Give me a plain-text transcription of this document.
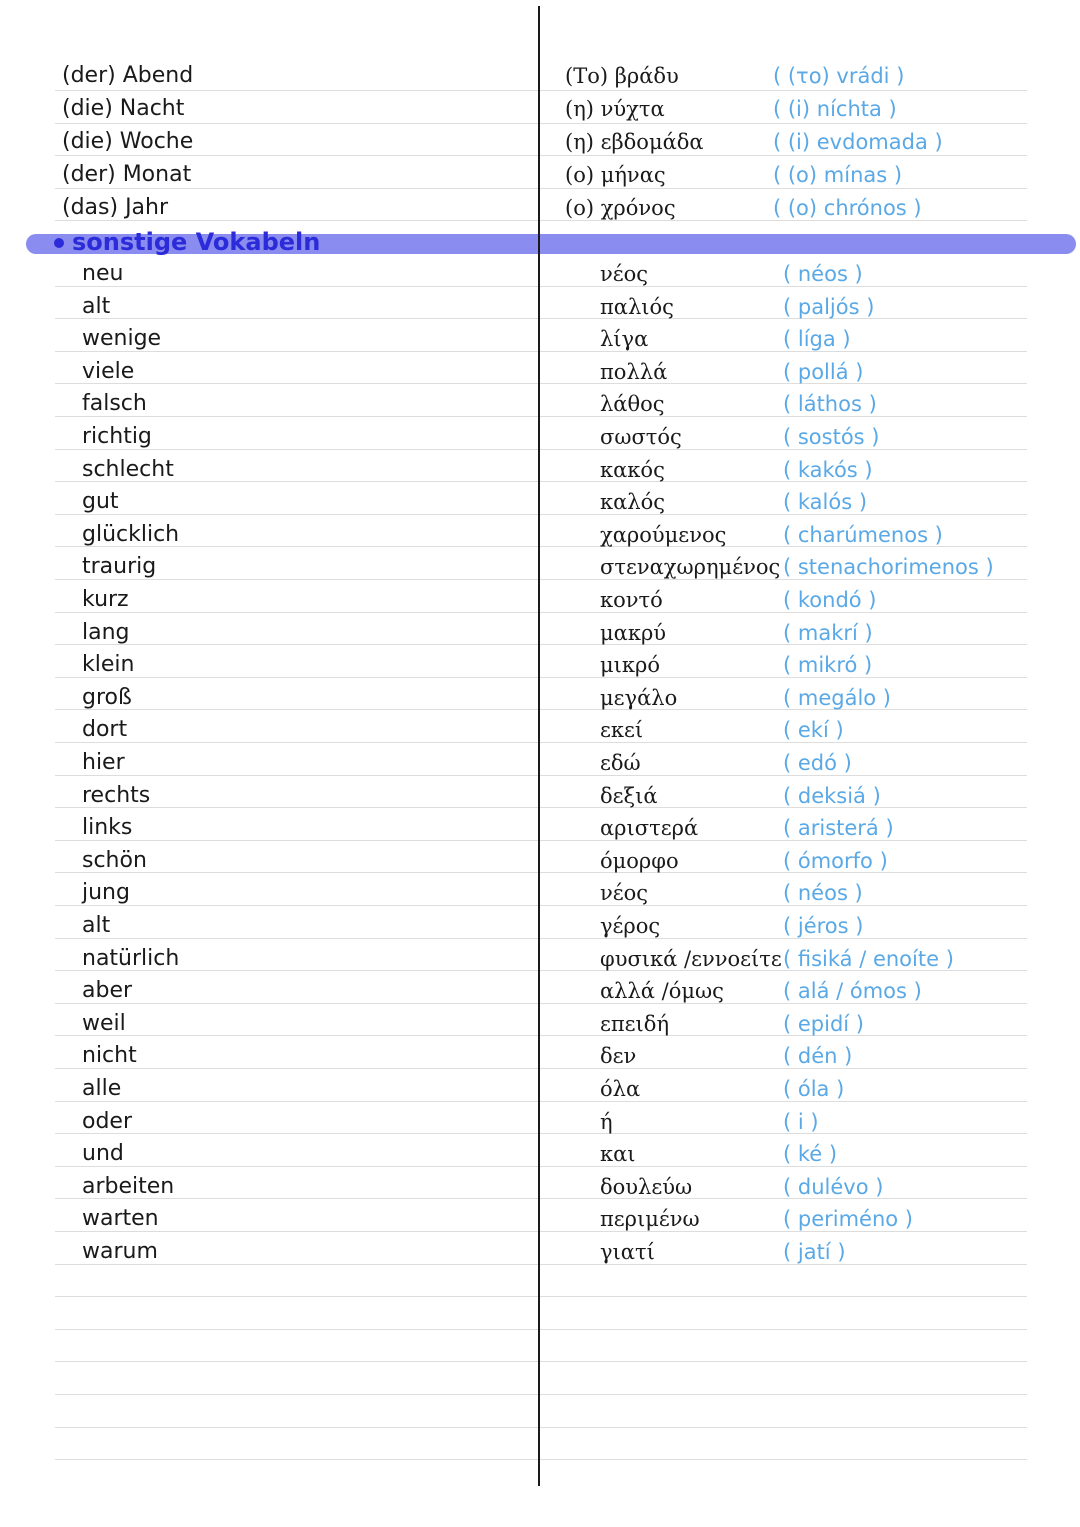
sonstige Vokabeln
(der) Abend	(Το) βράδυ	( (το) vrádi )
(die) Nacht	(η) νύχτα	( (i) níchta )
(die) Woche	(η) εβδομάδα	( (i) evdomada )
(der) Monat	(ο) μήνας	( (o) mínas )
(das) Jahr	(ο) χρόνος	( (o) chrónos )
neu	νέος	( néos )
alt	παλιός	( paljós )
wenige	λίγα	( líga )
viele	πολλά	( pollá )
falsch	λάθος	( láthos )
richtig	σωστός	( sostós )
schlecht	κακός	( kakós )
gut	καλός	( kalós )
glücklich	χαρούμενος	( charúmenos )
traurig	στεναχωρημένος ( stenachorimenos )
kurz	κοντό	( kondó )
lang	μακρύ	( makrí )
klein	μικρό	( mikró )
groß	μεγάλο	( megálo )
dort	εκεί	( ekí )
hier	εδώ	( edó )
rechts	δεξιά	( deksiá )
links	αριστερά	( aristerá )
schön	όμορφο	( ómorfo )
jung	νέος	( néos )
alt	γέρος	( jéros )
natürlich	φυσικά /εννοείτε ( fisiká / enoíte )
aber	αλλά /όμως	( alá / ómos )
weil	επειδή	( epidí )
nicht	δεν	( dén )
alle	όλα	( óla )
oder	ή	( i )
und	και	( ké )
arbeiten	δουλεύω	( dulévo )
warten	περιμένω	( periméno )
warum	γιατί	( jatí )
